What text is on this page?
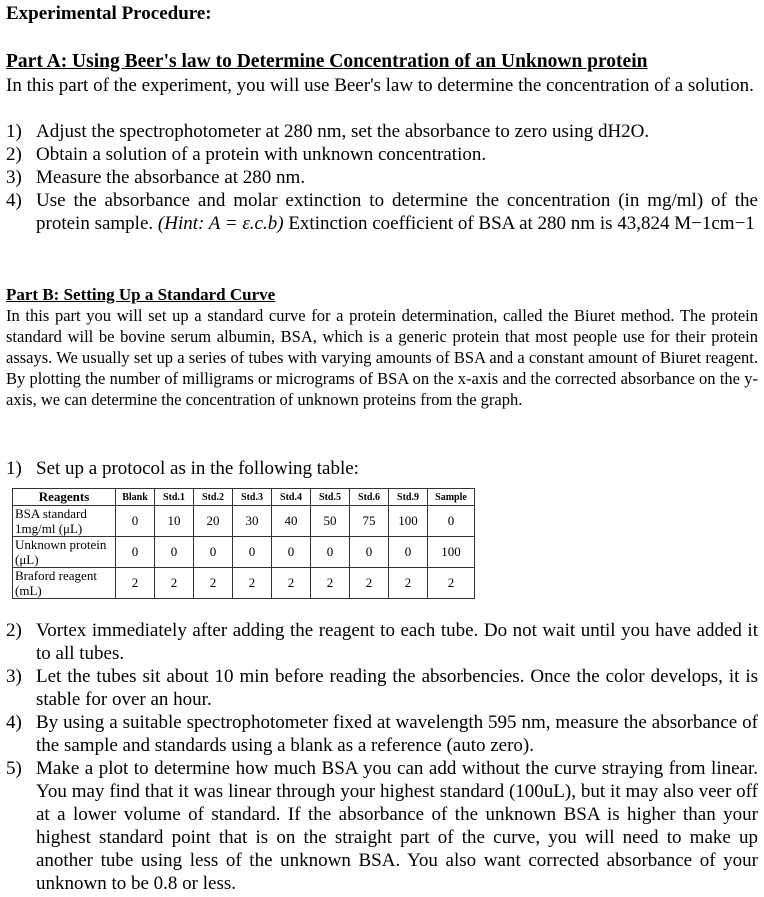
Experimental Procedure:
Part A: Using Beer's law to Determine Concentration of an Unknown protein
In this part of the experiment, you will use Beer's law to determine the concentration of a solution.
1) Adjust the spectrophotometer at 280 nm, set the absorbance to zero using dH2O.
2) Obtain a solution of a protein with unknown concentration.
3) Measure the absorbance at 280 nm.
4) Use the absorbance and molar extinction to determine the concentration (in mg/ml) of the protein sample. (Hint: A = ε.c.b) Extinction coefficient of BSA at 280 nm is 43,824 M−1cm−1
Part B: Setting Up a Standard Curve
In this part you will set up a standard curve for a protein determination, called the Biuret method. The protein standard will be bovine serum albumin, BSA, which is a generic protein that most people use for their protein assays. We usually set up a series of tubes with varying amounts of BSA and a constant amount of Biuret reagent. By plotting the number of milligrams or micrograms of BSA on the x-axis and the corrected absorbance on the y-axis, we can determine the concentration of unknown proteins from the graph.
1) Set up a protocol as in the following table:
Reagents	Blank	Std.1	Std.2	Std.3	Std.4	Std.5	Std.6	Std.9	Sample
BSA standard 1mg/ml (μL)	0	10	20	30	40	50	75	100	0
Unknown protein (μL)	0	0	0	0	0	0	0	0	100
Braford reagent (mL)	2	2	2	2	2	2	2	2	2
2) Vortex immediately after adding the reagent to each tube. Do not wait until you have added it to all tubes.
3) Let the tubes sit about 10 min before reading the absorbencies. Once the color develops, it is stable for over an hour.
4) By using a suitable spectrophotometer fixed at wavelength 595 nm, measure the absorbance of the sample and standards using a blank as a reference (auto zero).
5) Make a plot to determine how much BSA you can add without the curve straying from linear. You may find that it was linear through your highest standard (100uL), but it may also veer off at a lower volume of standard. If the absorbance of the unknown BSA is higher than your highest standard point that is on the straight part of the curve, you will need to make up another tube using less of the unknown BSA. You also want corrected absorbance of your unknown to be 0.8 or less.
